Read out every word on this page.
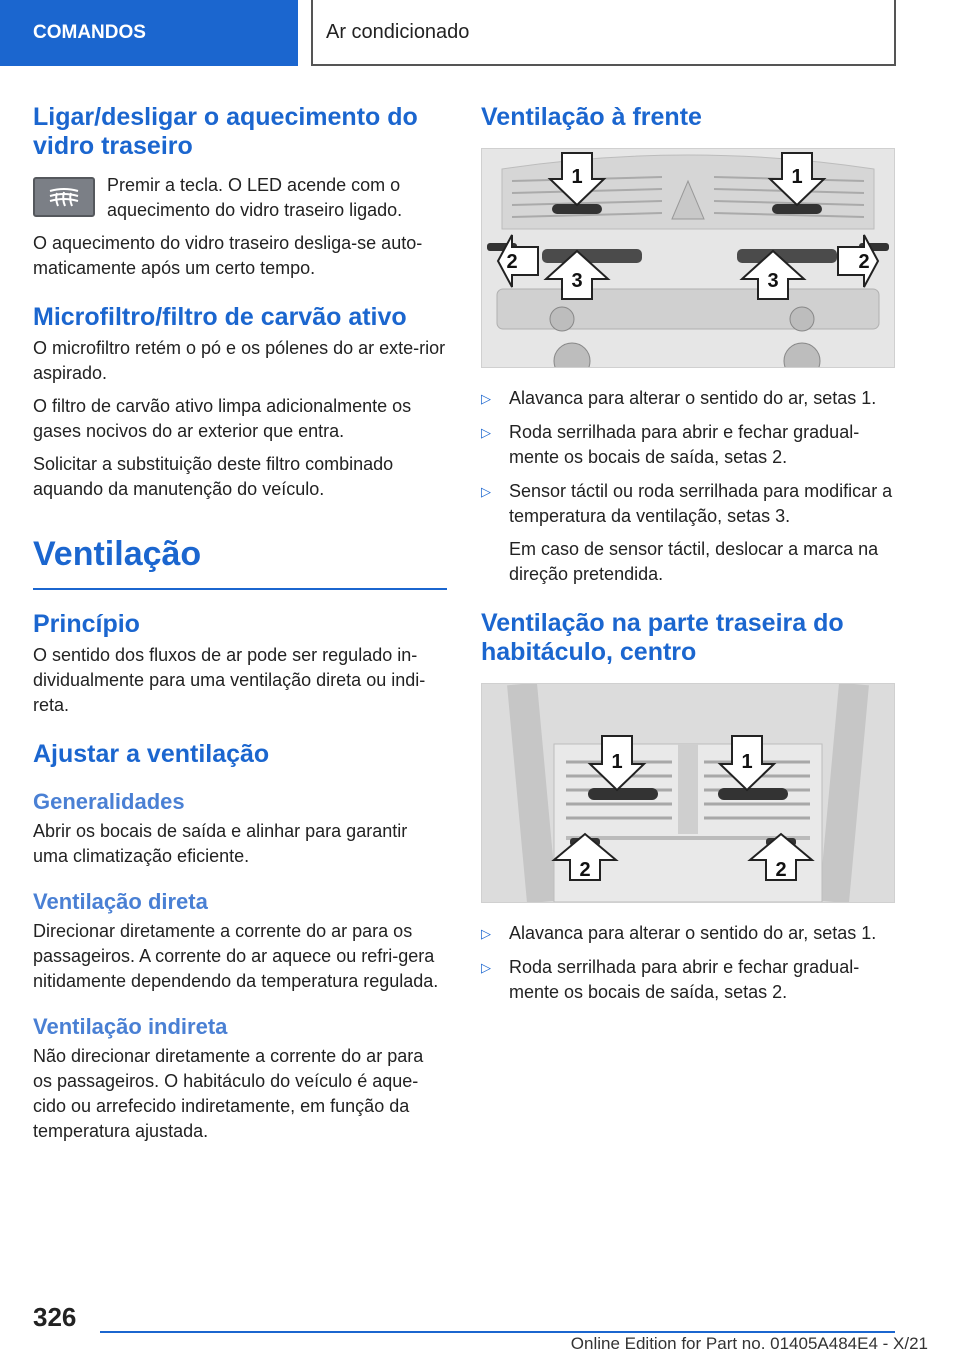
COMANDOS	Ar condicionado
Ligar/desligar o aquecimento do vidro traseiro

Premir a tecla. O LED acende com o aquecimento do vidro traseiro ligado.

O aquecimento do vidro traseiro desliga-se auto-maticamente após um certo tempo.

Microfiltro/filtro de carvão ativo

O microfiltro retém o pó e os pólenes do ar exte-rior aspirado.

O filtro de carvão ativo limpa adicionalmente os gases nocivos do ar exterior que entra.

Solicitar a substituição deste filtro combinado aquando da manutenção do veículo.

Ventilação
Princípio

O sentido dos fluxos de ar pode ser regulado in-dividualmente para uma ventilação direta ou indi-reta.

Ajustar a ventilação
Generalidades

Abrir os bocais de saída e alinhar para garantir uma climatização eficiente.

Ventilação direta

Direcionar diretamente a corrente do ar para os passageiros. A corrente do ar aquece ou refri-gera nitidamente dependendo da temperatura regulada.

Ventilação indireta

Não direcionar diretamente a corrente do ar para os passageiros. O habitáculo do veículo é aque-cido ou arrefecido indiretamente, em função da temperatura ajustada.

Ventilação à frente
1	1
2
3	3
2
▷	Alavanca para alterar o sentido do ar, setas 1.
▷	Roda serrilhada para abrir e fechar gradual-mente os bocais de saída, setas 2.
▷	Sensor táctil ou roda serrilhada para modificar a temperatura da ventilação, setas 3.
Em caso de sensor táctil, deslocar a marca na direção pretendida.
Ventilação na parte traseira do habitáculo, centro
1	1
2	2
▷	Alavanca para alterar o sentido do ar, setas 1.
▷	Roda serrilhada para abrir e fechar gradual-mente os bocais de saída, setas 2.
326
Online Edition for Part no. 01405A484E4 - X/21
